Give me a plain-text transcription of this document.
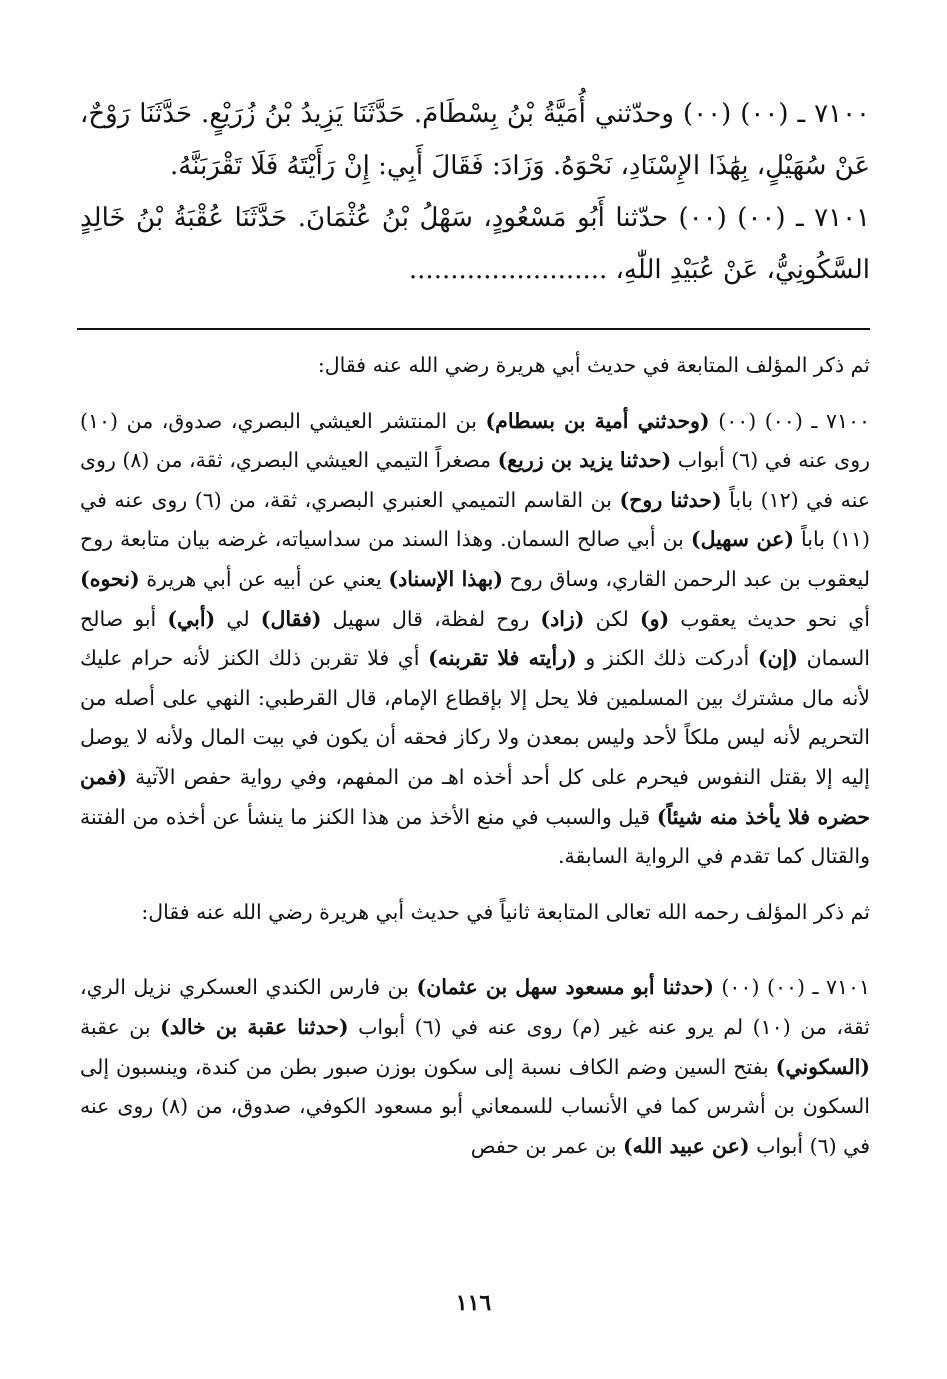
٧١٠٠ ـ (٠٠) (٠٠) وحدّثني أُمَيَّةُ بْنُ بِسْطَامَ. حَدَّثَنَا يَزِيدُ بْنُ زُرَيْعٍ. حَدَّثَنَا رَوْحٌ، عَنْ سُهَيْلٍ، بِهَٰذَا الإِسْنَادِ، نَحْوَهُ. وَزَادَ: فَقَالَ أَبِي: إِنْ رَأَيْتَهُ فَلَا تَقْرَبَنَّهُ.

٧١٠١ ـ (٠٠) (٠٠) حدّثنا أَبُو مَسْعُودٍ، سَهْلُ بْنُ عُثْمَانَ. حَدَّثَنَا عُقْبَةُ بْنُ خَالِدٍ السَّكُونِيُّ، عَنْ عُبَيْدِ اللّٰهِ، ........................

ثم ذكر المؤلف المتابعة في حديث أبي هريرة رضي الله عنه فقال:

٧١٠٠ ـ (٠٠) (٠٠) (وحدثني أمية بن بسطام) بن المنتشر العيشي البصري، صدوق، من (١٠) روى عنه في (٦) أبواب (حدثنا يزيد بن زريع) مصغراً التيمي العيشي البصري، ثقة، من (٨) روى عنه في (١٢) باباً (حدثنا روح) بن القاسم التميمي العنبري البصري، ثقة، من (٦) روى عنه في (١١) باباً (عن سهيل) بن أبي صالح السمان. وهذا السند من سداسياته، غرضه بيان متابعة روح ليعقوب بن عبد الرحمن القاري، وساق روح (بهذا الإسناد) يعني عن أبيه عن أبي هريرة (نحوه) أي نحو حديث يعقوب (و) لكن (زاد) روح لفظة، قال سهيل (فقال) لي (أبي) أبو صالح السمان (إن) أدركت ذلك الكنز و (رأيته فلا تقربنه) أي فلا تقربن ذلك الكنز لأنه حرام عليك لأنه مال مشترك بين المسلمين فلا يحل إلا بإقطاع الإمام، قال القرطبي: النهي على أصله من التحريم لأنه ليس ملكاً لأحد وليس بمعدن ولا ركاز فحقه أن يكون في بيت المال ولأنه لا يوصل إليه إلا بقتل النفوس فيحرم على كل أحد أخذه اهـ من المفهم، وفي رواية حفص الآتية (فمن حضره فلا يأخذ منه شيئاً) قيل والسبب في منع الأخذ من هذا الكنز ما ينشأ عن أخذه من الفتنة والقتال كما تقدم في الرواية السابقة.

ثم ذكر المؤلف رحمه الله تعالى المتابعة ثانياً في حديث أبي هريرة رضي الله عنه فقال:

٧١٠١ ـ (٠٠) (٠٠) (حدثنا أبو مسعود سهل بن عثمان) بن فارس الكندي العسكري نزيل الري، ثقة، من (١٠) لم يرو عنه غير (م) روى عنه في (٦) أبواب (حدثنا عقبة بن خالد) بن عقبة (السكوني) بفتح السين وضم الكاف نسبة إلى سكون بوزن صبور بطن من كندة، وينسبون إلى السكون بن أشرس كما في الأنساب للسمعاني أبو مسعود الكوفي، صدوق، من (٨) روى عنه في (٦) أبواب (عن عبيد الله) بن عمر بن حفص

١١٦
